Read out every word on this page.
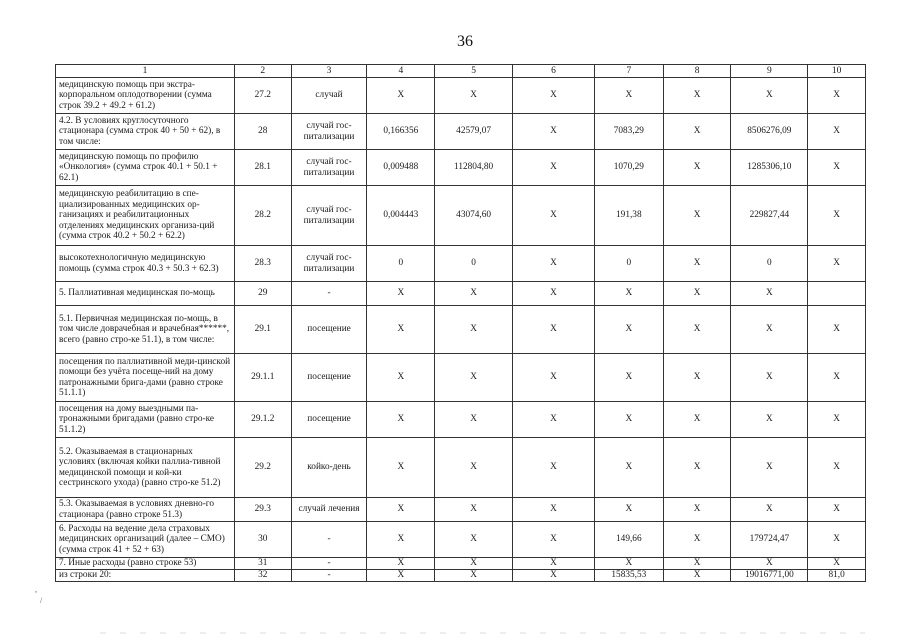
36
1	2	3	4	5	6	7	8	9	10
медицинскую помощь при экстра-корпоральном оплодотворении (сумма строк 39.2 + 49.2 + 61.2)	27.2	случай	X	X	X	X	X	X	X
4.2. В условиях круглосуточного стационара (сумма строк 40 + 50 + 62), в том числе:	28	случай гос-питализации	0,166356	42579,07	X	7083,29	X	8506276,09	X
медицинскую помощь по профилю «Онкология» (сумма строк 40.1 + 50.1 + 62.1)	28.1	случай гос-питализации	0,009488	112804,80	X	1070,29	X	1285306,10	X
медицинскую реабилитацию в спе-циализированных медицинских ор-ганизациях и реабилитационных отделениях медицинских организа-ций (сумма строк 40.2 + 50.2 + 62.2)	28.2	случай гос-питализации	0,004443	43074,60	X	191,38	X	229827,44	X
высокотехнологичную медицинскую помощь (сумма строк 40.3 + 50.3 + 62.3)	28.3	случай гос-питализации	0	0	X	0	X	0	X
5. Паллиативная медицинская по-мощь	29	-	X	X	X	X	X	X	
5.1. Первичная медицинская по-мощь, в том числе доврачебная и врачебная******, всего (равно стро-ке 51.1), в том числе:	29.1	посещение	X	X	X	X	X	X	X
посещения по паллиативной меди-цинской помощи без учёта посеще-ний на дому патронажными брига-дами (равно строке 51.1.1)	29.1.1	посещение	X	X	X	X	X	X	X
посещения на дому выездными па-тронажными бригадами (равно стро-ке 51.1.2)	29.1.2	посещение	X	X	X	X	X	X	X
5.2. Оказываемая в стационарных условиях (включая койки паллиа-тивной медицинской помощи и кой-ки сестринского ухода) (равно стро-ке 51.2)	29.2	койко-день	X	X	X	X	X	X	X
5.3. Оказываемая в условиях дневно-го стационара (равно строке 51.3)	29.3	случай лечения	X	X	X	X	X	X	X
6. Расходы на ведение дела страховых медицинских организаций (далее – СМО) (сумма строк 41 + 52 + 63)	30	-	X	X	X	149,66	X	179724,47	X
7. Иные расходы (равно строке 53)	31	-	X	X	X	X	X	X	X
из строки 20:	32	-	X	X	X	15835,53	X	19016771,00	81,0
,
/
